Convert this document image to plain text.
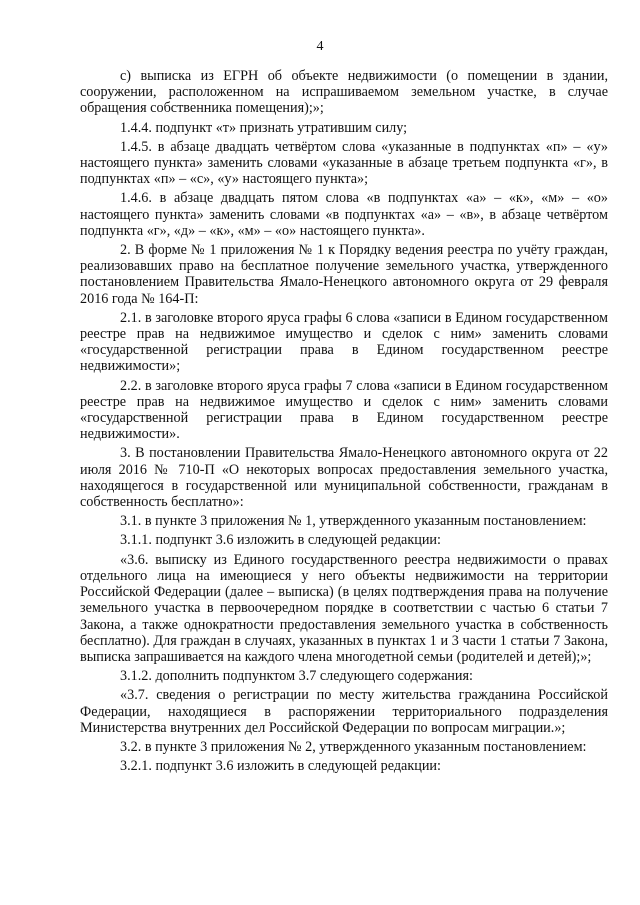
4

с) выписка из ЕГРН об объекте недвижимости (о помещении в здании, сооружении, расположенном на испрашиваемом земельном участке, в случае обращения собственника помещения);»;

1.4.4. подпункт «т» признать утратившим силу;

1.4.5. в абзаце двадцать четвёртом слова «указанные в подпунктах «п» – «у» настоящего пункта» заменить словами «указанные в абзаце третьем подпункта «г», в подпунктах «п» – «с», «у» настоящего пункта»;

1.4.6. в абзаце двадцать пятом слова «в подпунктах «а» – «к», «м» – «о» настоящего пункта» заменить словами «в подпунктах «а» – «в», в абзаце четвёртом подпункта «г», «д» – «к», «м» – «о» настоящего пункта».

2. В форме № 1 приложения № 1 к Порядку ведения реестра по учёту граждан, реализовавших право на бесплатное получение земельного участка, утвержденного постановлением Правительства Ямало-Ненецкого автономного округа от 29 февраля 2016 года № 164-П:

2.1. в заголовке второго яруса графы 6 слова «записи в Едином государственном реестре прав на недвижимое имущество и сделок с ним» заменить словами «государственной регистрации права в Едином государственном реестре недвижимости»;

2.2. в заголовке второго яруса графы 7 слова «записи в Едином государственном реестре прав на недвижимое имущество и сделок с ним» заменить словами «государственной регистрации права в Едином государственном реестре недвижимости».

3. В постановлении Правительства Ямало-Ненецкого автономного округа от 22 июля 2016 № 710-П «О некоторых вопросах предоставления земельного участка, находящегося в государственной или муниципальной собственности, гражданам в собственность бесплатно»:

3.1. в пункте 3 приложения № 1, утвержденного указанным постановлением:

3.1.1. подпункт 3.6 изложить в следующей редакции:

«3.6. выписку из Единого государственного реестра недвижимости о правах отдельного лица на имеющиеся у него объекты недвижимости на территории Российской Федерации (далее – выписка) (в целях подтверждения права на получение земельного участка в первоочередном порядке в соответствии с частью 6 статьи 7 Закона, а также однократности предоставления земельного участка в собственность бесплатно). Для граждан в случаях, указанных в пунктах 1 и 3 части 1 статьи 7 Закона, выписка запрашивается на каждого члена многодетной семьи (родителей и детей);»;

3.1.2. дополнить подпунктом 3.7 следующего содержания:

«3.7. сведения о регистрации по месту жительства гражданина Российской Федерации, находящиеся в распоряжении территориального подразделения Министерства внутренних дел Российской Федерации по вопросам миграции.»;

3.2. в пункте 3 приложения № 2, утвержденного указанным постановлением:

3.2.1. подпункт 3.6 изложить в следующей редакции:
